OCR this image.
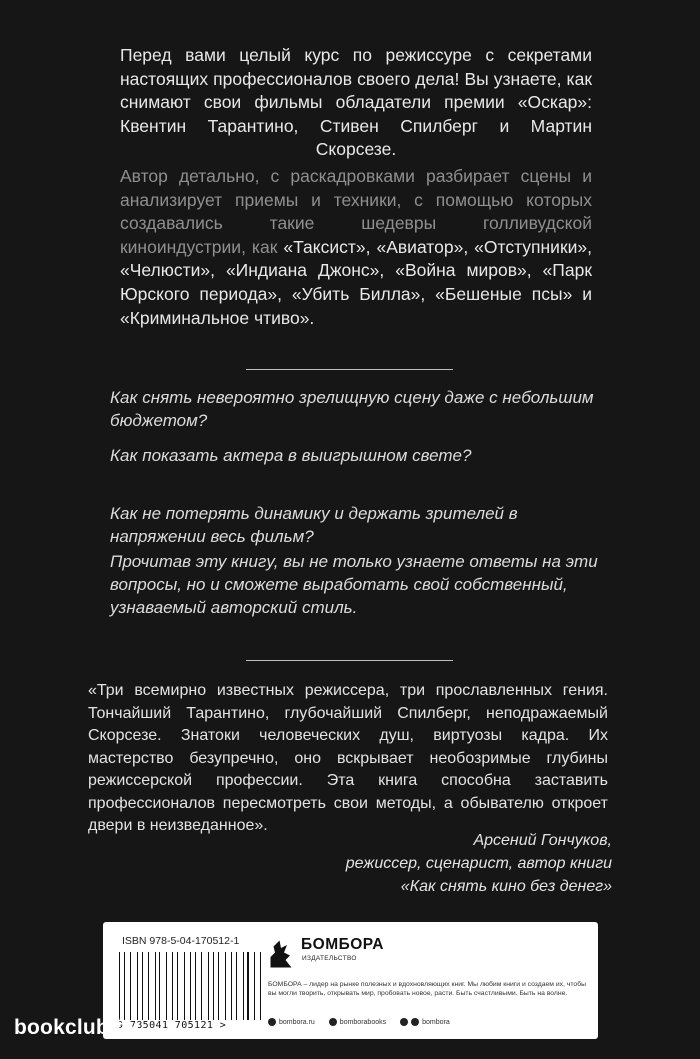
Перед вами целый курс по режиссуре с секретами настоящих профессионалов своего дела! Вы узнаете, как снимают свои фильмы обладатели премии «Оскар»: Квентин Тарантино, Стивен Спилберг и Мартин Скорсезе.
Автор детально, с раскадровками разбирает сцены и анализирует приемы и техники, с помощью которых создавались такие шедевры голливудской киноиндустрии, как «Таксист», «Авиатор», «Отступники», «Челюсти», «Индиана Джонс», «Война миров», «Парк Юрского периода», «Убить Билла», «Бешеные псы» и «Криминальное чтиво».

Как снять невероятно зрелищную сцену даже с небольшим бюджетом?

Как показать актера в выигрышном свете?

Как не потерять динамику и держать зрителей в напряжении весь фильм?

Прочитав эту книгу, вы не только узнаете ответы на эти вопросы, но и сможете выработать свой собственный, узнаваемый авторский стиль.

«Три всемирно известных режиссера, три прославленных гения. Тончайший Тарантино, глубочайший Спилберг, неподражаемый Скорсезе. Знатоки человеческих душ, виртуозы кадра. Их мастерство безупречно, оно вскрывает необозримые глубины режиссерской профессии. Эта книга способна заставить профессионалов пересмотреть свои методы, а обывателю откроет двери в неизведанное».

Арсений Гончуков,
режиссер, сценарист, автор книги
«Как снять кино без денег»
ISBN 978-5-04-170512-1
9 785041 705121 >
БОМБОРА
ИЗДАТЕЛЬСТВО
БОМБОРА – лидер на рынке полезных и вдохновляющих книг. Мы любим книги и создаем их, чтобы вы могли творить, открывать мир, пробовать новое, расти. Быть счастливыми. Быть на волне.
bombora.ru	bomborabooks	bombora
bookclub.by
